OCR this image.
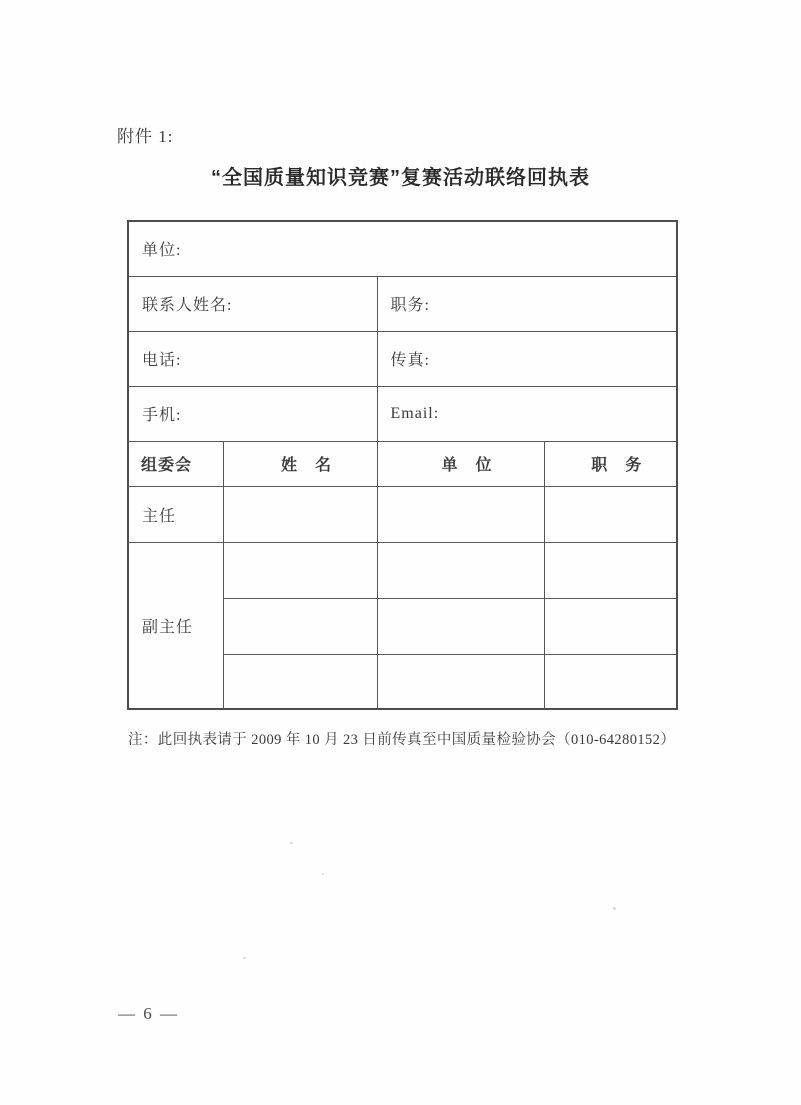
附件 1:
“全国质量知识竞赛”复赛活动联络回执表
单位:			
联系人姓名:		职务:	
电话:		传真:	
手机:		Email:	
组委会	姓　名	单　位	职　务
主任			
副主任			

注：此回执表请于 2009 年 10 月 23 日前传真至中国质量检验协会（010-64280152）
— 6 —
